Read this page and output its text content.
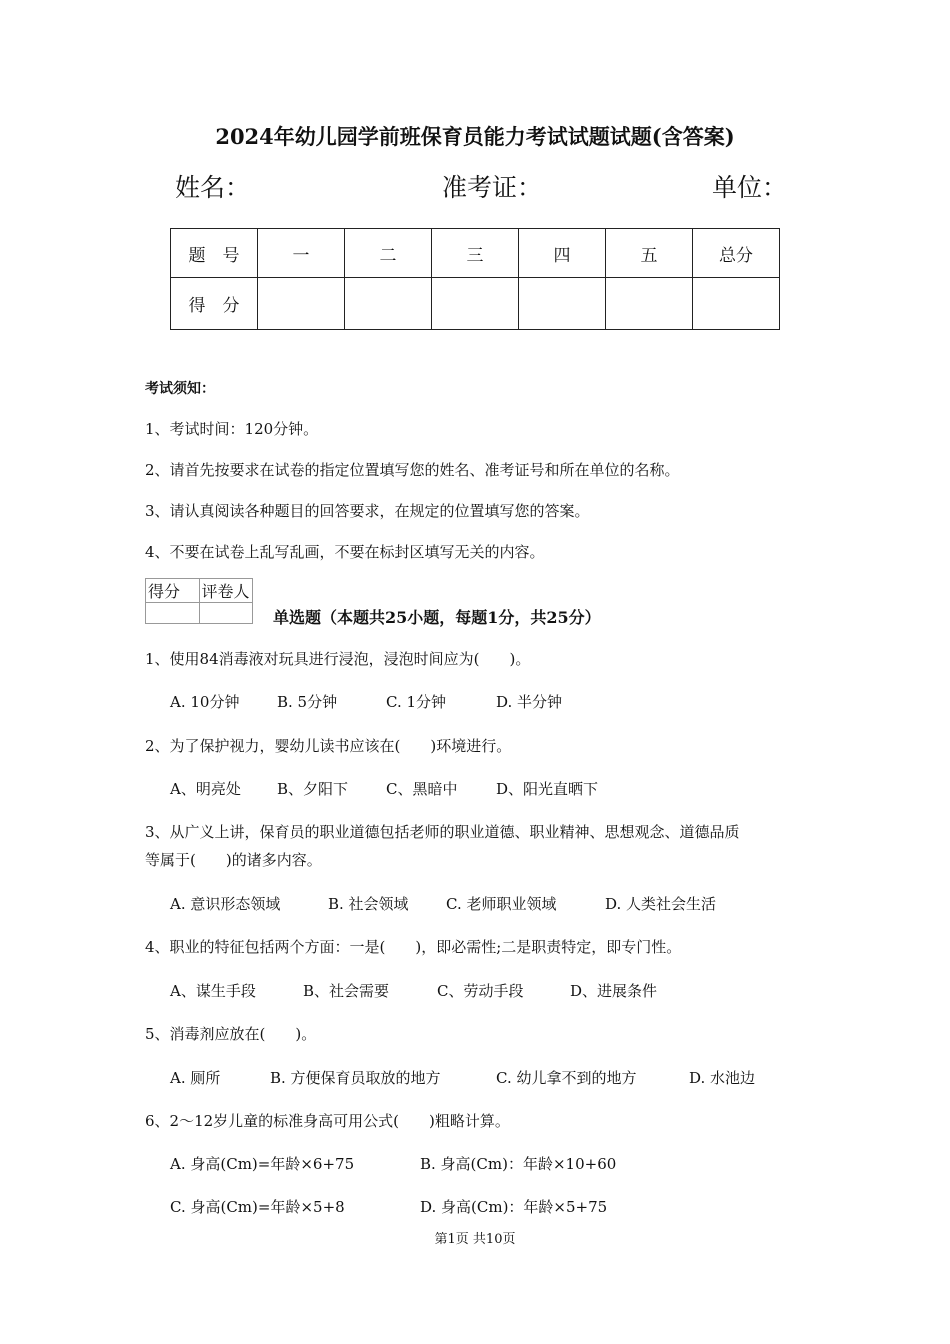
2024年幼儿园学前班保育员能力考试试题试题(含答案)
姓名：	准考证：	单位：
题　号	一	二	三	四	五	总分
得　分						
考试须知：
1、考试时间：120分钟。
2、请首先按要求在试卷的指定位置填写您的姓名、准考证号和所在单位的名称。
3、请认真阅读各种题目的回答要求，在规定的位置填写您的答案。
4、不要在试卷上乱写乱画，不要在标封区填写无关的内容。
得分	评卷人

单选题（本题共25小题，每题1分，共25分）
1、使用84消毒液对玩具进行浸泡，浸泡时间应为(　　)。
A. 10分钟	B. 5分钟	C. 1分钟	D. 半分钟
2、为了保护视力，婴幼儿读书应该在(　　)环境进行。
A、明亮处 B、夕阳下	C、黑暗中	D、阳光直晒下
3、从广义上讲，保育员的职业道德包括老师的职业道德、职业精神、思想观念、道德品质
等属于(　　)的诸多内容。
A. 意识形态领域	B. 社会领域 C. 老师职业领域	D. 人类社会生活
4、职业的特征包括两个方面：一是(　　)，即必需性;二是职责特定，即专门性。
A、谋生手段	B、社会需要	C、劳动手段	D、进展条件
5、消毒剂应放在(　　)。
A. 厕所	B. 方便保育员取放的地方	C. 幼儿拿不到的地方	D. 水池边
6、2～12岁儿童的标准身高可用公式(　　)粗略计算。
A. 身高(Cm)=年龄×6+75	B. 身高(Cm)：年龄×10+60
C. 身高(Cm)=年龄×5+8	D. 身高(Cm)：年龄×5+75
第1页 共10页
